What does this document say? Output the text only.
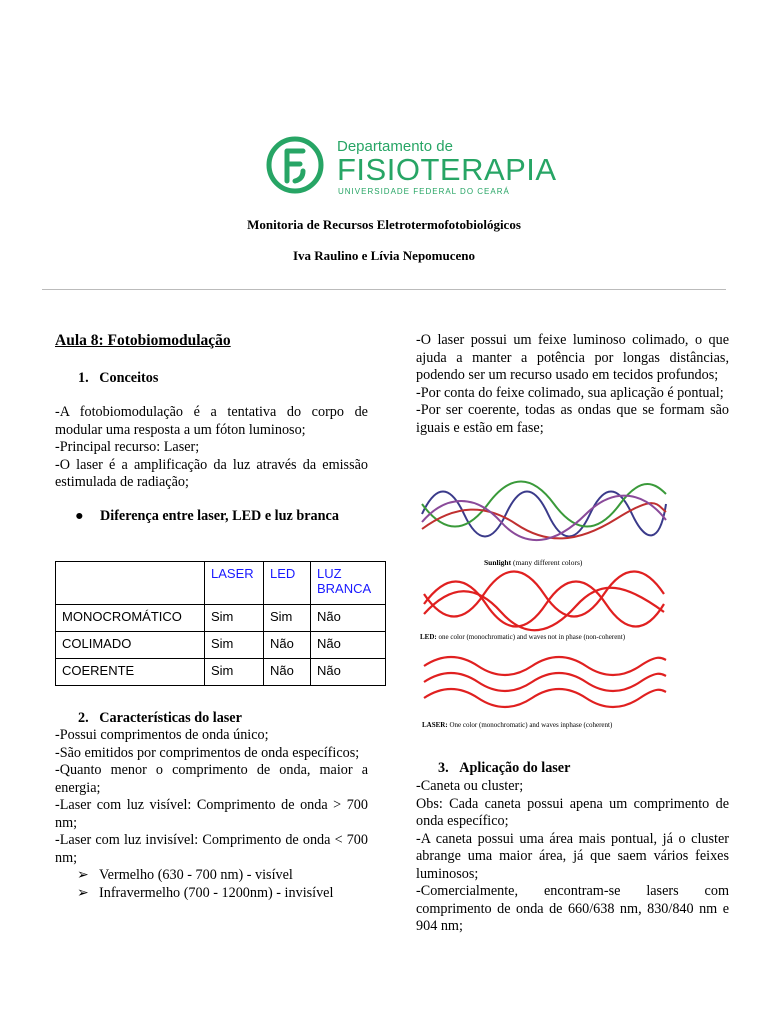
Departamento de
FISIOTERAPIA
UNIVERSIDADE FEDERAL DO CEARÁ
Monitoria de Recursos Eletrotermofotobiológicos
Iva Raulino e Lívia Nepomuceno
Aula 8: Fotobiomodulação
1. Conceitos

-A fotobiomodulação é a tentativa do corpo de modular uma resposta a um fóton luminoso;

-Principal recurso: Laser;

-O laser é a amplificação da luz através da emissão estimulada de radiação;

● Diferença entre laser, LED e luz branca
	LASER	LED	LUZ BRANCA
MONOCROMÁTICO	Sim	Sim	Não
COLIMADO	Sim	Não	Não
COERENTE	Sim	Não	Não
2. Características do laser

-Possui comprimentos de onda único;

-São emitidos por comprimentos de onda específicos;

-Quanto menor o comprimento de onda, maior a energia;

-Laser com luz visível: Comprimento de onda > 700 nm;

-Laser com luz invisível: Comprimento de onda < 700 nm;

➢ Vermelho (630 - 700 nm) - visível
➢ Infravermelho (700 - 1200nm) - invisível

-O laser possui um feixe luminoso colimado, o que ajuda a manter a potência por longas distâncias, podendo ser um recurso usado em tecidos profundos;

-Por conta do feixe colimado, sua aplicação é pontual;

-Por ser coerente, todas as ondas que se formam são iguais e estão em fase;

Sunlight (many different colors)
LED: one color (monochromatic) and waves not in phase (non-coherent)
LASER: One color (monochromatic) and waves inphase (coherent)
3. Aplicação do laser

-Caneta ou cluster;

Obs: Cada caneta possui apena um comprimento de onda específico;

-A caneta possui uma área mais pontual, já o cluster abrange uma maior área, já que saem vários feixes luminosos;

-Comercialmente, encontram-se lasers com comprimento de onda de 660/638 nm, 830/840 nm e 904 nm;
